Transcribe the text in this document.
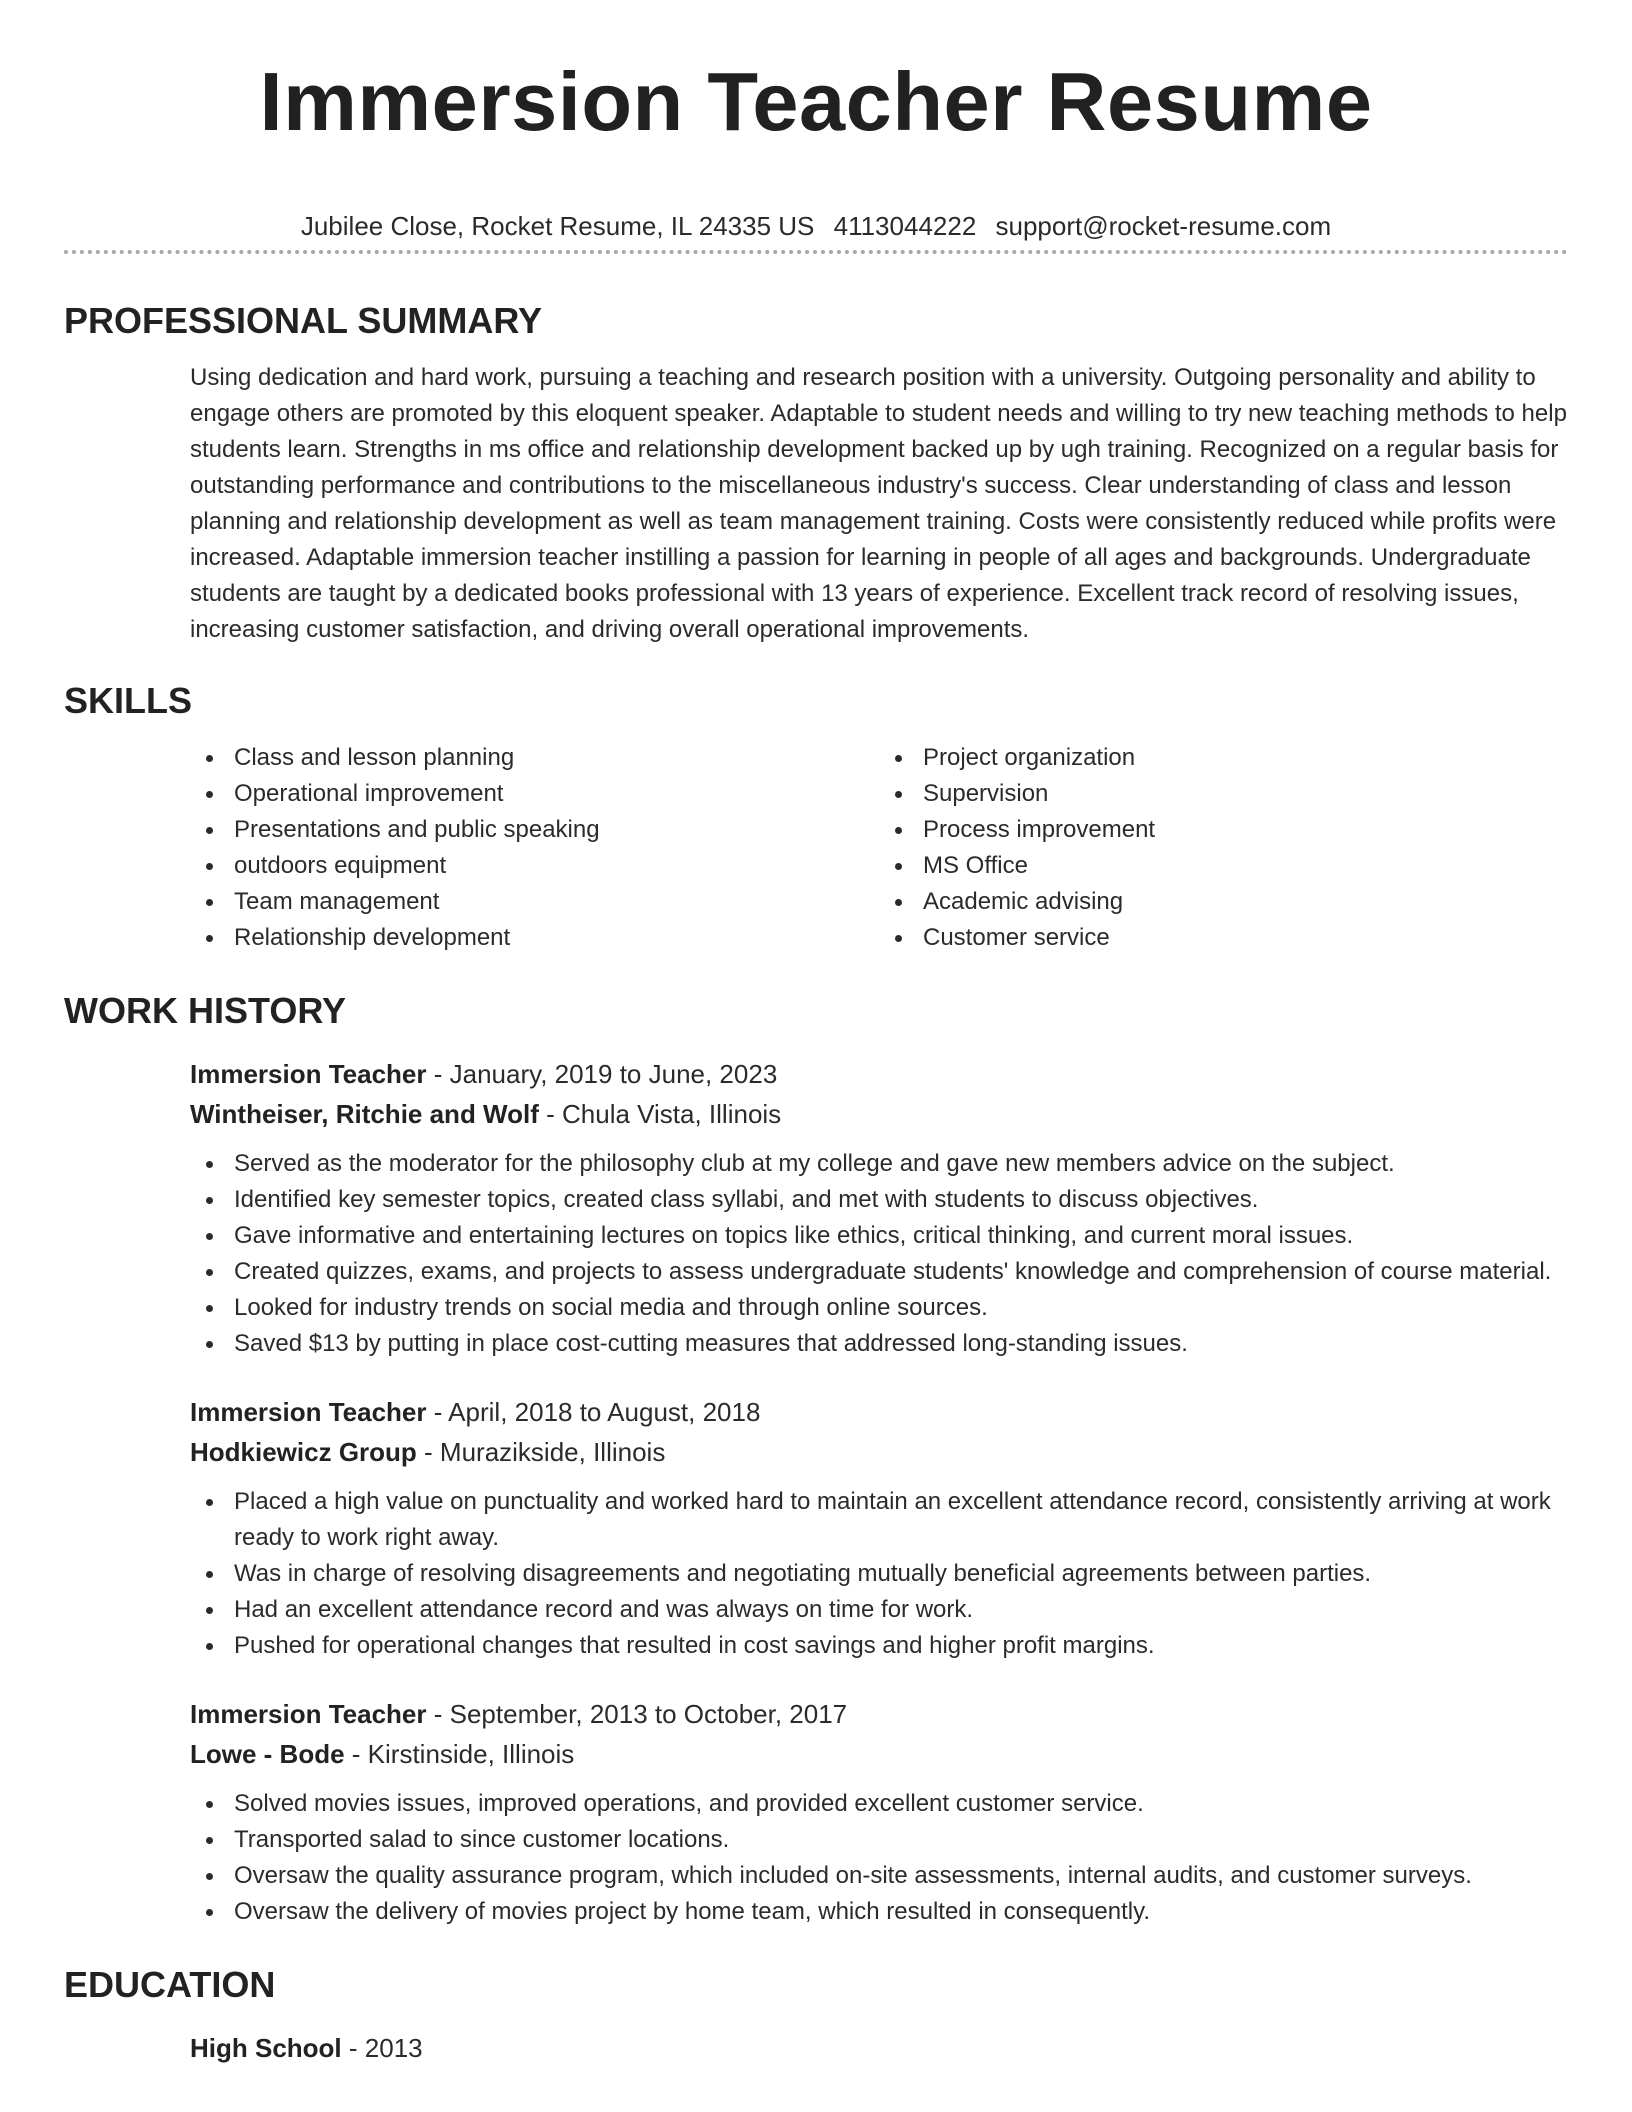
Immersion Teacher Resume
Jubilee Close, Rocket Resume, IL 24335 US 4113044222 support@rocket-resume.com
PROFESSIONAL SUMMARY

Using dedication and hard work, pursuing a teaching and research position with a university. Outgoing personality and ability to engage others are promoted by this eloquent speaker. Adaptable to student needs and willing to try new teaching methods to help students learn. Strengths in ms office and relationship development backed up by ugh training. Recognized on a regular basis for outstanding performance and contributions to the miscellaneous industry's success. Clear understanding of class and lesson planning and relationship development as well as team management training. Costs were consistently reduced while profits were increased. Adaptable immersion teacher instilling a passion for learning in people of all ages and backgrounds. Undergraduate students are taught by a dedicated books professional with 13 years of experience. Excellent track record of resolving issues, increasing customer satisfaction, and driving overall operational improvements.

SKILLS
Class and lesson planning
Operational improvement
Presentations and public speaking
outdoors equipment
Team management
Relationship development
Project organization
Supervision
Process improvement
MS Office
Academic advising
Customer service
WORK HISTORY
Immersion Teacher - January, 2019 to June, 2023
Wintheiser, Ritchie and Wolf - Chula Vista, Illinois
Served as the moderator for the philosophy club at my college and gave new members advice on the subject.
Identified key semester topics, created class syllabi, and met with students to discuss objectives.
Gave informative and entertaining lectures on topics like ethics, critical thinking, and current moral issues.
Created quizzes, exams, and projects to assess undergraduate students' knowledge and comprehension of course material.
Looked for industry trends on social media and through online sources.
Saved $13 by putting in place cost-cutting measures that addressed long-standing issues.
Immersion Teacher - April, 2018 to August, 2018
Hodkiewicz Group - Murazikside, Illinois
Placed a high value on punctuality and worked hard to maintain an excellent attendance record, consistently arriving at work ready to work right away.
Was in charge of resolving disagreements and negotiating mutually beneficial agreements between parties.
Had an excellent attendance record and was always on time for work.
Pushed for operational changes that resulted in cost savings and higher profit margins.
Immersion Teacher - September, 2013 to October, 2017
Lowe - Bode - Kirstinside, Illinois
Solved movies issues, improved operations, and provided excellent customer service.
Transported salad to since customer locations.
Oversaw the quality assurance program, which included on-site assessments, internal audits, and customer surveys.
Oversaw the delivery of movies project by home team, which resulted in consequently.
EDUCATION
High School - 2013
